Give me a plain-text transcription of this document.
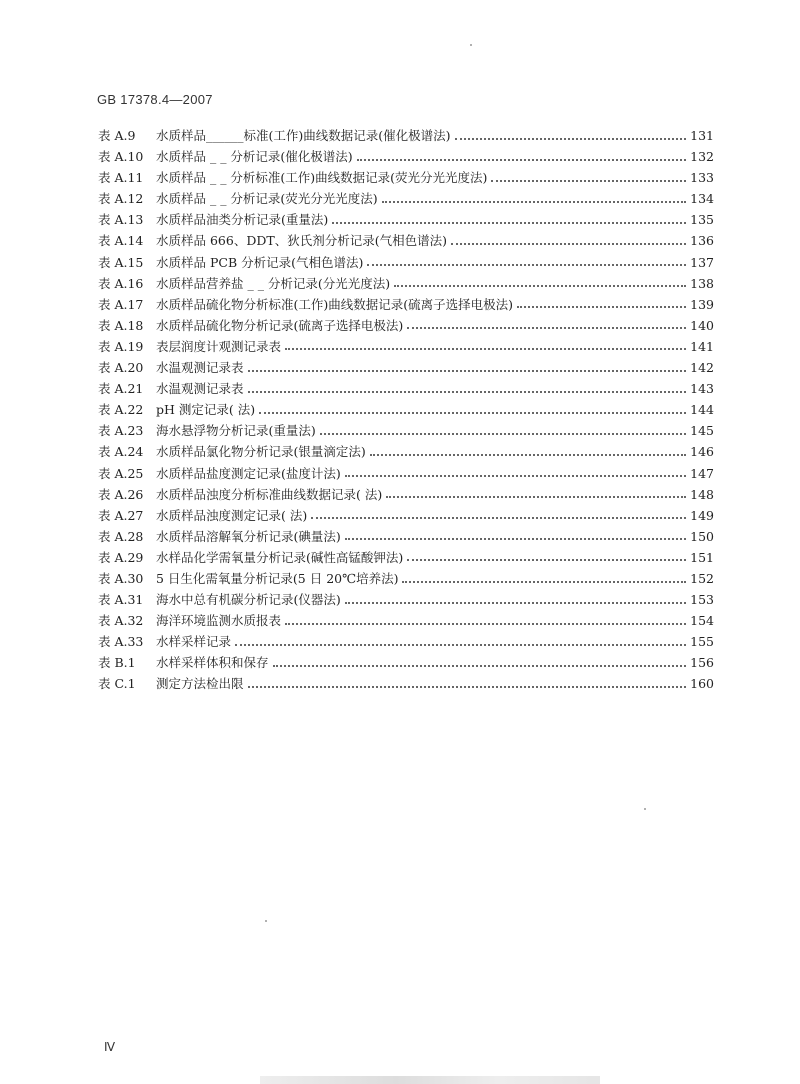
GB 17378.4—2007
表 A.9	水质样品______标准(工作)曲线数据记录(催化极谱法)	131
表 A.10	水质样品 _ _ 分析记录(催化极谱法)	132
表 A.11	水质样品 _ _ 分析标准(工作)曲线数据记录(荧光分光光度法)	133
表 A.12	水质样品 _ _ 分析记录(荧光分光光度法)	134
表 A.13	水质样品油类分析记录(重量法)	135
表 A.14	水质样品 666、DDT、狄氏剂分析记录(气相色谱法)	136
表 A.15	水质样品 PCB 分析记录(气相色谱法)	137
表 A.16	水质样品营养盐 _ _ 分析记录(分光光度法)	138
表 A.17	水质样品硫化物分析标准(工作)曲线数据记录(硫离子选择电极法)	139
表 A.18	水质样品硫化物分析记录(硫离子选择电极法)	140
表 A.19	表层润度计观测记录表	141
表 A.20	水温观测记录表	142
表 A.21	水温观测记录表	143
表 A.22	pH 测定记录( 法)	144
表 A.23	海水悬浮物分析记录(重量法)	145
表 A.24	水质样品氯化物分析记录(银量滴定法)	146
表 A.25	水质样品盐度测定记录(盐度计法)	147
表 A.26	水质样品浊度分析标准曲线数据记录( 法)	148
表 A.27	水质样品浊度测定记录( 法)	149
表 A.28	水质样品溶解氧分析记录(碘量法)	150
表 A.29	水样品化学需氧量分析记录(碱性高锰酸钾法)	151
表 A.30	5 日生化需氧量分析记录(5 日 20℃培养法)	152
表 A.31	海水中总有机碳分析记录(仪器法)	153
表 A.32	海洋环境监测水质报表	154
表 A.33	水样采样记录	155
表 B.1	水样采样体积和保存	156
表 C.1	测定方法检出限	160
Ⅳ
